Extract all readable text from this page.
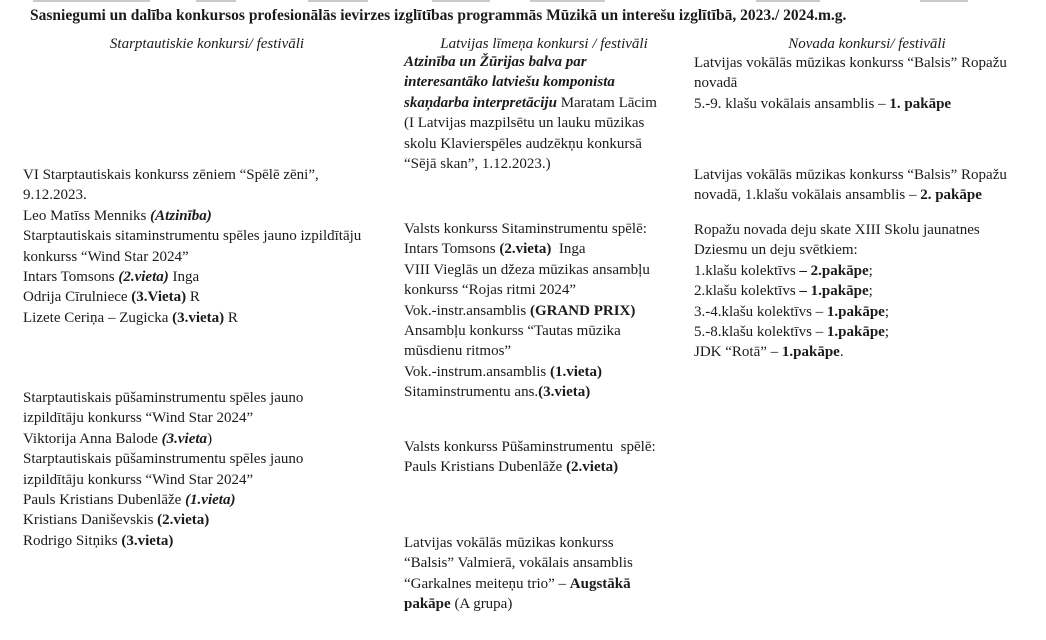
Sasniegumi un dalība konkursos profesionālās ievirzes izglītības programmās Mūzikā un interešu izglītībā, 2023./ 2024.m.g.
Starptautiskie konkursi/ festivāli	Latvijas līmeņa konkursi / festivāli	Novada konkursi/ festivāli
VI Starptautiskais konkurss zēniem “Spēlē zēni”,
9.12.2023.
Leo Matīss Menniks (Atzinība)
Starptautiskais sitaminstrumentu spēles jauno izpildītāju
konkurss “Wind Star 2024”
Intars Tomsons (2.vieta) Inga
Odrija Cīrulniece (3.Vieta) R
Lizete Ceriņa – Zugicka (3.vieta) R
Starptautiskais pūšaminstrumentu spēles jauno
izpildītāju konkurss “Wind Star 2024”
Viktorija Anna Balode (3.vieta)
Starptautiskais pūšaminstrumentu spēles jauno
izpildītāju konkurss “Wind Star 2024”
Pauls Kristians Dubenlāže (1.vieta)
Kristians Daniševskis (2.vieta)
Rodrigo Sitņiks (3.vieta)
Atzinība un Žūrijas balva par
interesantāko latviešu komponista
skaņdarba interpretāciju Maratam Lācim
(I Latvijas mazpilsētu un lauku mūzikas
skolu Klavierspēles audzēkņu konkursā
“Sējā skan”, 1.12.2023.)
Valsts konkurss Sitaminstrumentu spēlē:
Intars Tomsons (2.vieta)  Inga
VIII Vieglās un džeza mūzikas ansambļu
konkurss “Rojas ritmi 2024”
Vok.-instr.ansamblis (GRAND PRIX)
Ansambļu konkurss “Tautas mūzika
mūsdienu ritmos”
Vok.-instrum.ansamblis (1.vieta)
Sitaminstrumentu ans.(3.vieta)
Valsts konkurss Pūšaminstrumentu  spēlē:
Pauls Kristians Dubenlāže (2.vieta)
Latvijas vokālās mūzikas konkurss
“Balsis” Valmierā, vokālais ansamblis
“Garkalnes meiteņu trio” – Augstākā
pakāpe (A grupa)
Latvijas vokālās mūzikas konkurss “Balsis” Ropažu
novadā
5.-9. klašu vokālais ansamblis – 1. pakāpe
Latvijas vokālās mūzikas konkurss “Balsis” Ropažu
novadā, 1.klašu vokālais ansamblis – 2. pakāpe
Ropažu novada deju skate XIII Skolu jaunatnes
Dziesmu un deju svētkiem:
1.klašu kolektīvs – 2.pakāpe;
2.klašu kolektīvs – 1.pakāpe;
3.-4.klašu kolektīvs – 1.pakāpe;
5.-8.klašu kolektīvs – 1.pakāpe;
JDK “Rotā” – 1.pakāpe.
